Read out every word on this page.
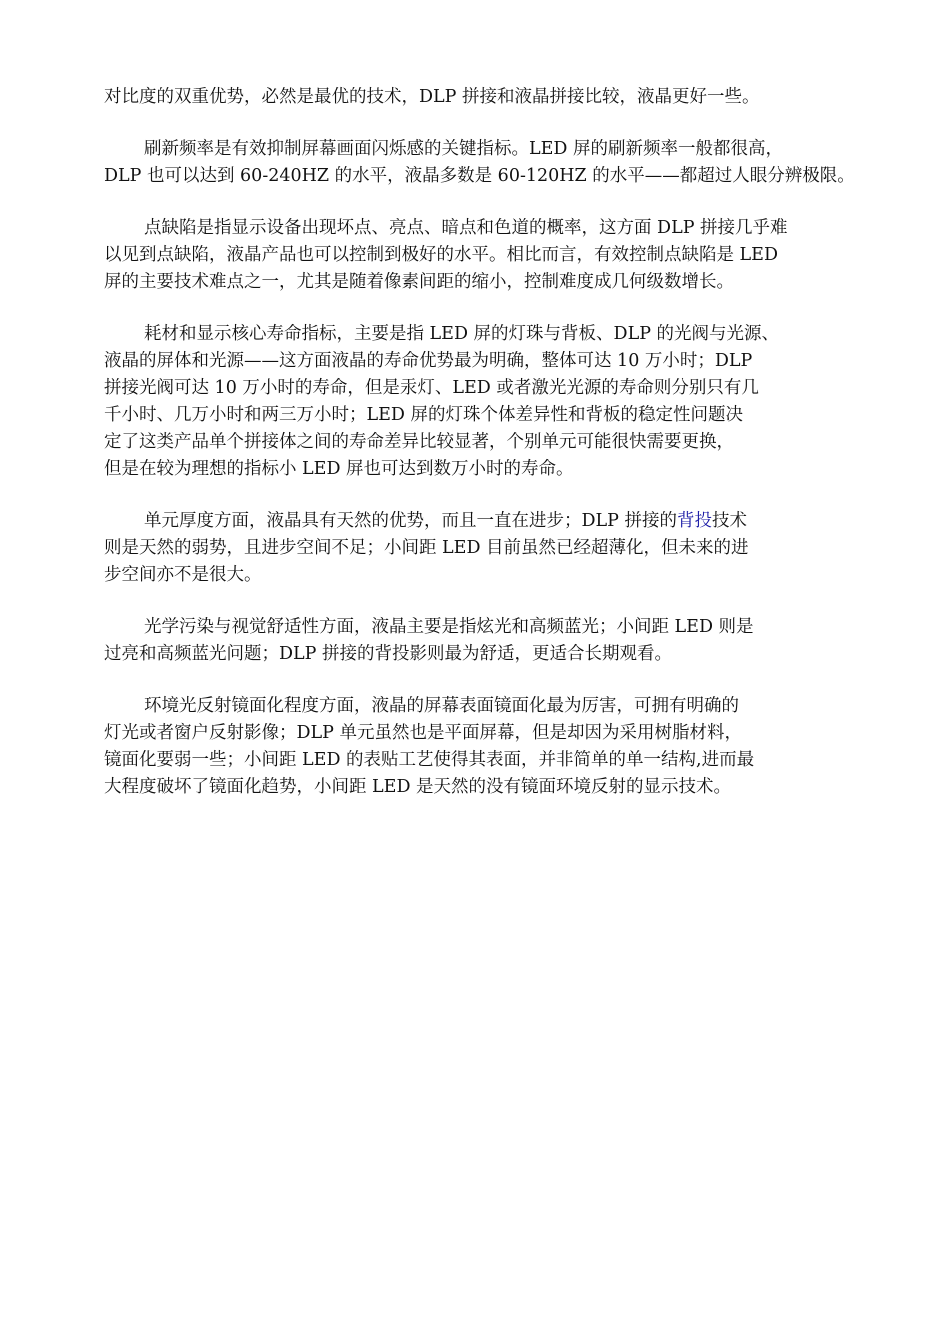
对比度的双重优势，必然是最优的技术，DLP 拼接和液晶拼接比较，液晶更好一些。

刷新频率是有效抑制屏幕画面闪烁感的关键指标。LED 屏的刷新频率一般都很高，
DLP 也可以达到 60-240HZ 的水平，液晶多数是 60-120HZ 的水平——都超过人眼分辨极限。

点缺陷是指显示设备出现坏点、亮点、暗点和色道的概率，这方面 DLP 拼接几乎难
以见到点缺陷，液晶产品也可以控制到极好的水平。相比而言，有效控制点缺陷是 LED
屏的主要技术难点之一，尤其是随着像素间距的缩小，控制难度成几何级数增长。

耗材和显示核心寿命指标，主要是指 LED 屏的灯珠与背板、DLP 的光阀与光源、
液晶的屏体和光源——这方面液晶的寿命优势最为明确，整体可达 10 万小时；DLP
拼接光阀可达 10 万小时的寿命，但是汞灯、LED 或者激光光源的寿命则分别只有几
千小时、几万小时和两三万小时；LED 屏的灯珠个体差异性和背板的稳定性问题决
定了这类产品单个拼接体之间的寿命差异比较显著，个别单元可能很快需要更换，
但是在较为理想的指标小 LED 屏也可达到数万小时的寿命。

单元厚度方面，液晶具有天然的优势，而且一直在进步；DLP 拼接的背投技术
则是天然的弱势，且进步空间不足；小间距 LED 目前虽然已经超薄化，但未来的进
步空间亦不是很大。

光学污染与视觉舒适性方面，液晶主要是指炫光和高频蓝光；小间距 LED 则是
过亮和高频蓝光问题；DLP 拼接的背投影则最为舒适，更适合长期观看。

环境光反射镜面化程度方面，液晶的屏幕表面镜面化最为厉害，可拥有明确的
灯光或者窗户反射影像；DLP 单元虽然也是平面屏幕，但是却因为采用树脂材料，
镜面化要弱一些；小间距 LED 的表贴工艺使得其表面，并非简单的单一结构,进而最
大程度破坏了镜面化趋势，小间距 LED 是天然的没有镜面环境反射的显示技术。
